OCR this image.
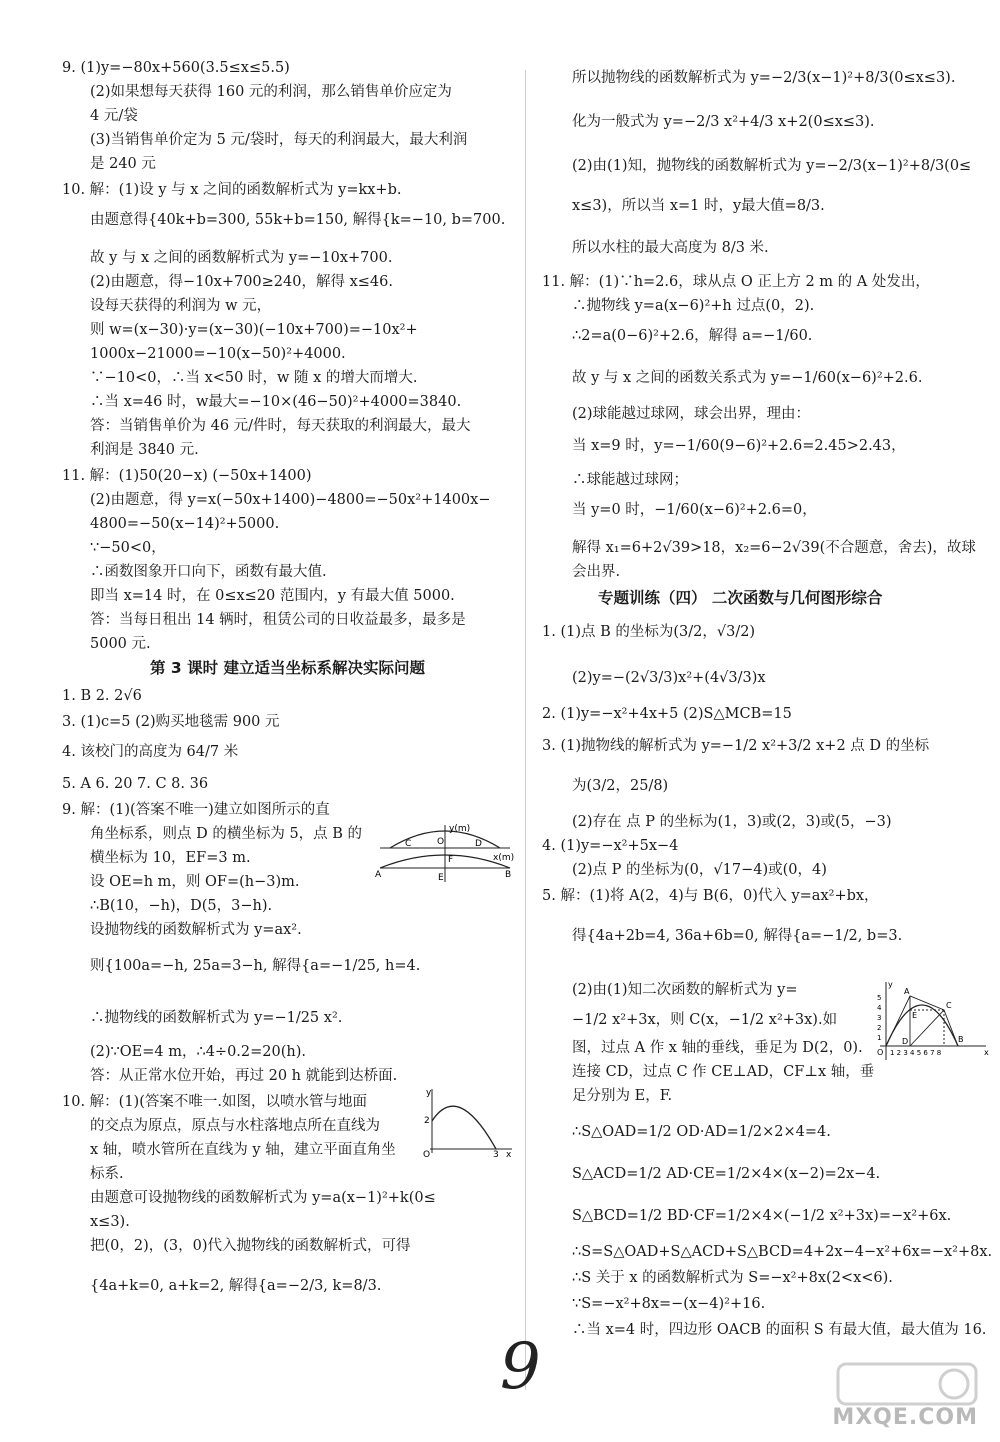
9. (1)y=−80x+560(3.5≤x≤5.5)
(2)如果想每天获得 160 元的利润，那么销售单价应定为
4 元/袋
(3)当销售单价定为 5 元/袋时，每天的利润最大，最大利润
是 240 元
10. 解：(1)设 y 与 x 之间的函数解析式为 y=kx+b.
由题意得{40k+b=300, 55k+b=150, 解得{k=−10, b=700.
故 y 与 x 之间的函数解析式为 y=−10x+700.
(2)由题意，得−10x+700≥240，解得 x≤46.
设每天获得的利润为 w 元，
则 w=(x−30)·y=(x−30)(−10x+700)=−10x²+
1000x−21000=−10(x−50)²+4000.
∵−10<0，∴当 x<50 时，w 随 x 的增大而增大.
∴当 x=46 时，w最大=−10×(46−50)²+4000=3840.
答：当销售单价为 46 元/件时，每天获取的利润最大，最大
利润是 3840 元.
11. 解：(1)50(20−x) (−50x+1400)
(2)由题意，得 y=x(−50x+1400)−4800=−50x²+1400x−
4800=−50(x−14)²+5000.
∵−50<0，
∴函数图象开口向下，函数有最大值.
即当 x=14 时，在 0≤x≤20 范围内，y 有最大值 5000.
答：当每日租出 14 辆时，租赁公司的日收益最多，最多是
5000 元.
第 3 课时 建立适当坐标系解决实际问题
1. B 2. 2√6
3. (1)c=5 (2)购买地毯需 900 元
4. 该校门的高度为 64/7 米
5. A 6. 20 7. C 8. 36
9. 解：(1)(答案不唯一)建立如图所示的直
角坐标系，则点 D 的横坐标为 5，点 B 的
横坐标为 10，EF=3 m.
设 OE=h m，则 OF=(h−3)m.
∴B(10，−h)，D(5，3−h).
设抛物线的函数解析式为 y=ax².
则{100a=−h, 25a=3−h, 解得{a=−1/25, h=4.
∴抛物线的函数解析式为 y=−1/25 x².
(2)∵OE=4 m，∴4÷0.2=20(h).
答：从正常水位开始，再过 20 h 就能到达桥面.
10. 解：(1)(答案不唯一.如图，以喷水管与地面
的交点为原点，原点与水柱落地点所在直线为
x 轴，喷水管所在直线为 y 轴，建立平面直角坐
标系.
由题意可设抛物线的函数解析式为 y=a(x−1)²+k(0≤
x≤3).
把(0，2)，(3，0)代入抛物线的函数解析式，可得
{4a+k=0, a+k=2, 解得{a=−2/3, k=8/3.
y(m)
x(m)
O
C
F
D
A	E	B
y
2
O	3 x
所以抛物线的函数解析式为 y=−2/3(x−1)²+8/3(0≤x≤3).
化为一般式为 y=−2/3 x²+4/3 x+2(0≤x≤3).
(2)由(1)知，抛物线的函数解析式为 y=−2/3(x−1)²+8/3(0≤
x≤3)，所以当 x=1 时，y最大值=8/3.
所以水柱的最大高度为 8/3 米.
11. 解：(1)∵h=2.6，球从点 O 正上方 2 m 的 A 处发出，
∴抛物线 y=a(x−6)²+h 过点(0，2).
∴2=a(0−6)²+2.6，解得 a=−1/60.
故 y 与 x 之间的函数关系式为 y=−1/60(x−6)²+2.6.
(2)球能越过球网，球会出界，理由：
当 x=9 时，y=−1/60(9−6)²+2.6=2.45>2.43，
∴球能越过球网；
当 y=0 时，−1/60(x−6)²+2.6=0，
解得 x₁=6+2√39>18，x₂=6−2√39(不合题意，舍去)，故球
会出界.
专题训练（四） 二次函数与几何图形综合
1. (1)点 B 的坐标为(3/2，√3/2)
(2)y=−(2√3/3)x²+(4√3/3)x
2. (1)y=−x²+4x+5 (2)S△MCB=15
3. (1)抛物线的解析式为 y=−1/2 x²+3/2 x+2 点 D 的坐标
为(3/2，25/8)
(2)存在 点 P 的坐标为(1，3)或(2，3)或(5，−3)
4. (1)y=−x²+5x−4
(2)点 P 的坐标为(0，√17−4)或(0，4)
5. 解：(1)将 A(2，4)与 B(6，0)代入 y=ax²+bx，
得{4a+2b=4, 36a+6b=0, 解得{a=−1/2, b=3.
(2)由(1)知二次函数的解析式为 y=
−1/2 x²+3x，则 C(x，−1/2 x²+3x).如
图，过点 A 作 x 轴的垂线，垂足为 D(2，0).
连接 CD，过点 C 作 CE⊥AD，CF⊥x 轴，垂
足分别为 E，F.
∴S△OAD=1/2 OD·AD=1/2×2×4=4.
S△ACD=1/2 AD·CE=1/2×4×(x−2)=2x−4.
S△BCD=1/2 BD·CF=1/2×4×(−1/2 x²+3x)=−x²+6x.
∴S=S△OAD+S△ACD+S△BCD=4+2x−4−x²+6x=−x²+8x.
∴S 关于 x 的函数解析式为 S=−x²+8x(2<x<6).
∵S=−x²+8x=−(x−4)²+16.
∴当 x=4 时，四边形 OACB 的面积 S 有最大值，最大值为 16.
y
A
C
B
D
E
O	x
5
4
3
2
1
1 2 3 4 5 6 7 8
9
MXQE.COM
